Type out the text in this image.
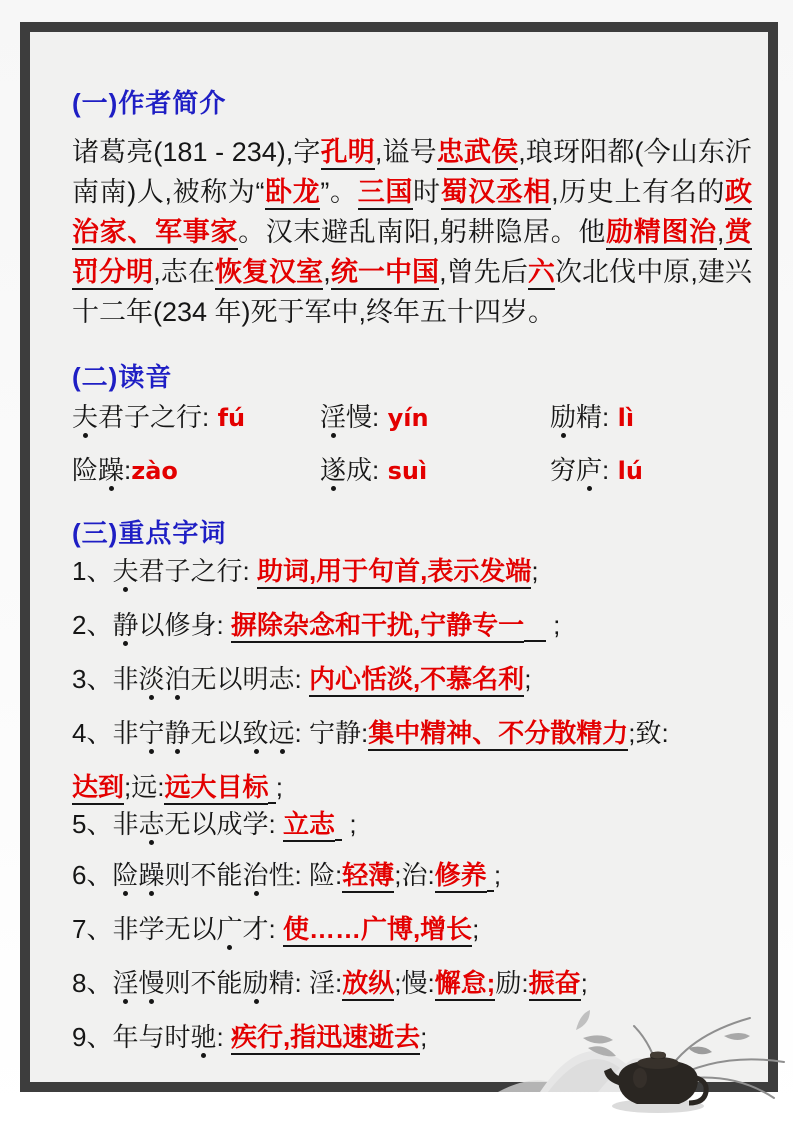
(一)作者简介

诸葛亮(181 - 234),字孔明,谥号忠武侯,琅玡阳都(今山东沂南南)人,被称为“卧龙”。三国时蜀汉丞相,历史上有名的政治家、军事家。汉末避乱南阳,躬耕隐居。他励精图治,赏罚分明,志在恢复汉室,统一中国,曾先后六次北伐中原,建兴十二年(234 年)死于军中,终年五十四岁。

(二)读音
夫君子之行: fú	淫慢: yín	励精: lì
险躁:zào	遂成: suì	穷庐: lú
(三)重点字词
1、夫君子之行: 助词,用于句首,表示发端;
2、静以修身: 摒除杂念和干扰,宁静专一    ;
3、非淡泊无以明志: 内心恬淡,不慕名利;
4、非宁静无以致远: 宁静:集中精神、不分散精力;致:
达到;远:远大目标 ;
5、非志无以成学: 立志  ;
6、险躁则不能治性: 险:轻薄;治:修养 ;
7、非学无以广才: 使……广博,增长;
8、淫慢则不能励精: 淫:放纵;慢:懈怠;励:振奋;
9、年与时驰: 疾行,指迅速逝去;
